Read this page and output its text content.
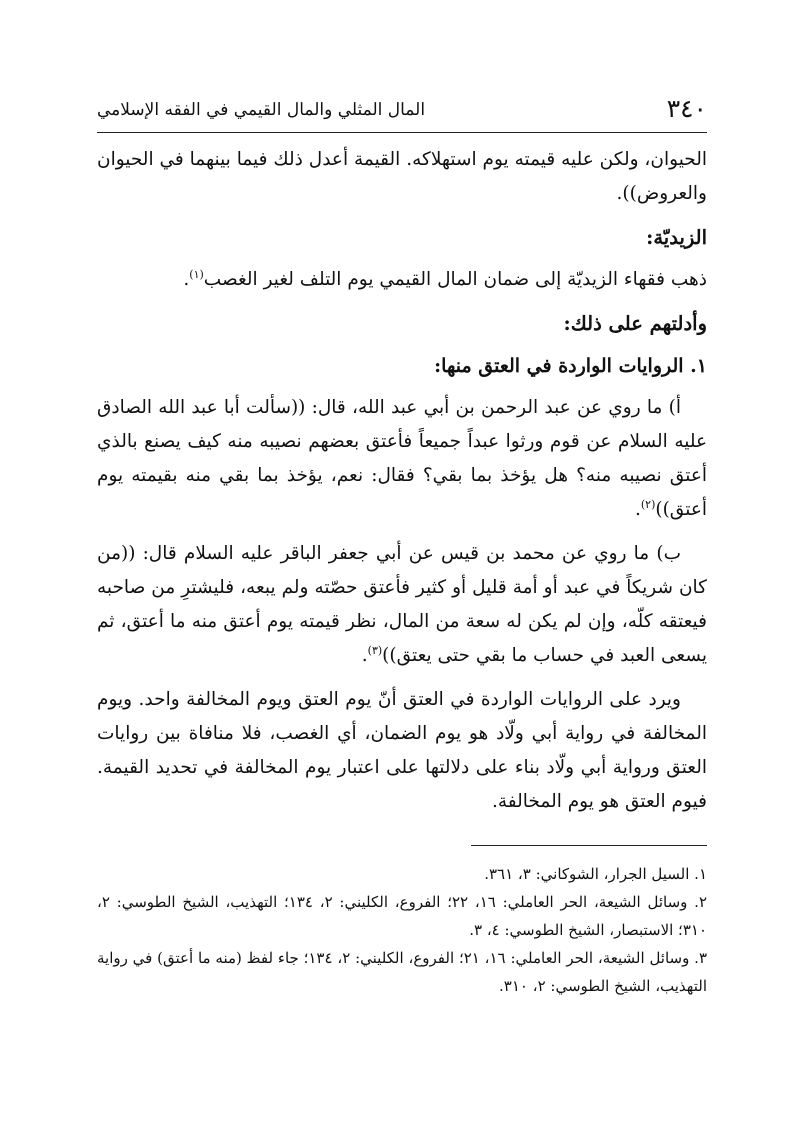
٣٤٠
المال المثلي والمال القيمي في الفقه الإسلامي

الحيوان، ولكن عليه قيمته يوم استهلاكه. القيمة أعدل ذلك فيما بينهما في الحيوان والعروض)).

الزيديّة:

ذهب فقهاء الزيديّة إلى ضمان المال القيمي يوم التلف لغير الغصب$^{(١)}$.

وأدلتهم على ذلك:
١. الروايات الواردة في العتق منها:

أ) ما روي عن عبد الرحمن بن أبي عبد الله، قال: ((سألت أبا عبد الله الصادق عليه السلام عن قوم ورثوا عبداً جميعاً فأعتق بعضهم نصيبه منه كيف يصنع بالذي أعتق نصيبه منه؟ هل يؤخذ بما بقي؟ فقال: نعم، يؤخذ بما بقي منه بقيمته يوم أعتق))$^{(٢)}$.

ب) ما روي عن محمد بن قيس عن أبي جعفر الباقر عليه السلام قال: ((من كان شريكاً في عبد أو أمة قليل أو كثير فأعتق حصّته ولم يبعه، فليشترِ من صاحبه فيعتقه كلّه، وإن لم يكن له سعة من المال، نظر قيمته يوم أعتق منه ما أعتق، ثم يسعى العبد في حساب ما بقي حتى يعتق))$^{(٣)}$.

ويرد على الروايات الواردة في العتق أنّ يوم العتق ويوم المخالفة واحد. ويوم المخالفة في رواية أبي ولّاد هو يوم الضمان، أي الغصب، فلا منافاة بين روايات العتق ورواية أبي ولّاد بناء على دلالتها على اعتبار يوم المخالفة في تحديد القيمة. فيوم العتق هو يوم المخالفة.

١. السيل الجرار، الشوكاني: ٣، ٣٦١.

٢. وسائل الشيعة، الحر العاملي: ١٦، ٢٢؛ الفروع، الكليني: ٢، ١٣٤؛ التهذيب، الشيخ الطوسي: ٢، ٣١٠؛ الاستبصار، الشيخ الطوسي: ٤، ٣.

٣. وسائل الشيعة، الحر العاملي: ١٦، ٢١؛ الفروع، الكليني: ٢، ١٣٤؛ جاء لفظ (منه ما أعتق) في رواية التهذيب، الشيخ الطوسي: ٢، ٣١٠.
